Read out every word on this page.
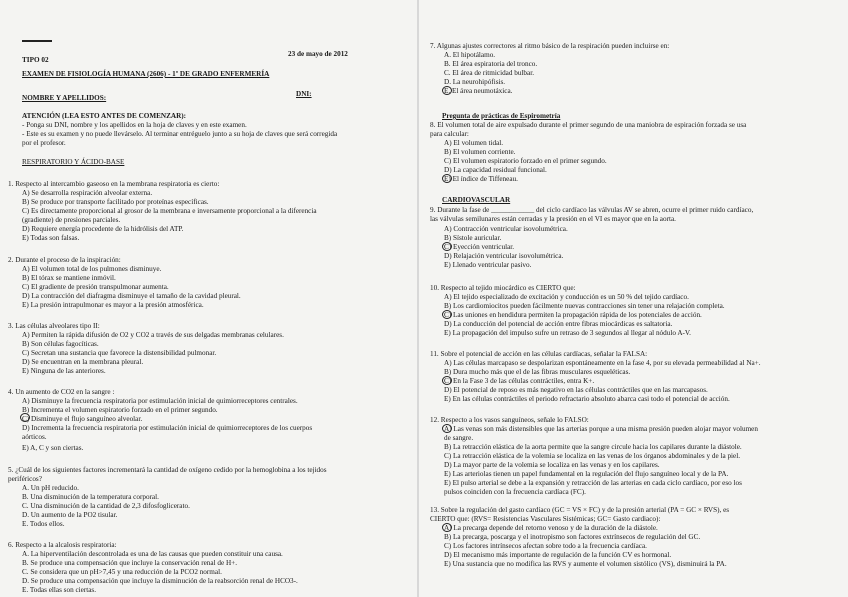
TIPO 02
23 de mayo de 2012
EXAMEN DE FISIOLOGÍA HUMANA (2606) - 1º DE GRADO ENFERMERÍA
NOMBRE Y APELLIDOS:	DNI:
ATENCIÓN (LEA ESTO ANTES DE COMENZAR):
- Ponga su DNI, nombre y los apellidos en la hoja de claves y en este examen.
- Este es su examen y no puede llevárselo. Al terminar entréguelo junto a su hoja de claves que será corregida
por el profesor.
RESPIRATORIO Y ÁCIDO-BASE
1. Respecto al intercambio gaseoso en la membrana respiratoria es cierto:
A) Se desarrolla respiración alveolar externa.
B) Se produce por transporte facilitado por proteínas específicas.
C) Es directamente proporcional al grosor de la membrana e inversamente proporcional a la diferencia
(gradiente) de presiones parciales.
D) Requiere energía procedente de la hidrólisis del ATP.
E) Todas son falsas.
2. Durante el proceso de la inspiración:
A) El volumen total de los pulmones disminuye.
B) El tórax se mantiene inmóvil.
C) El gradiente de presión transpulmonar aumenta.
D) La contracción del diafragma disminuye el tamaño de la cavidad pleural.
E) La presión intrapulmonar es mayor a la presión atmosférica.
3. Las células alveolares tipo II:
A) Permiten la rápida difusión de O2 y CO2 a través de sus delgadas membranas celulares.
B) Son células fagocíticas.
C) Secretan una sustancia que favorece la distensibilidad pulmonar.
D) Se encuentran en la membrana pleural.
E) Ninguna de las anteriores.
4. Un aumento de CO2 en la sangre :
A) Disminuye la frecuencia respiratoria por estimulación inicial de quimiorreceptores centrales.
B) Incrementa el volumen espiratorio forzado en el primer segundo.
C) Disminuye el flujo sanguíneo alveolar.
D) Incrementa la frecuencia respiratoria por estimulación inicial de quimiorreceptores de los cuerpos
aórticos.
E) A, C y son ciertas.
5. ¿Cuál de los siguientes factores incrementará la cantidad de oxígeno cedido por la hemoglobina a los tejidos
periféricos?
A. Un pH reducido.
B. Una disminución de la temperatura corporal.
C. Una disminución de la cantidad de 2,3 difosfoglicerato.
D. Un aumento de la PO2 tisular.
E. Todos ellos.
6. Respecto a la alcalosis respiratoria:
A. La hiperventilación descontrolada es una de las causas que pueden constituir una causa.
B. Se produce una compensación que incluye la conservación renal de H+.
C. Se considera que un pH>7,45 y una reducción de la PCO2 normal.
D. Se produce una compensación que incluye la disminución de la reabsorción renal de HCO3-.
E. Todas ellas son ciertas.
7. Algunas ajustes correctores al ritmo básico de la respiración pueden incluirse en:
A. El hipotálamo.
B. El área espiratoria del tronco.
C. El área de ritmicidad bulbar.
D. La neurohipófisis.
E. El área neumotáxica.
Pregunta de prácticas de Espirometría
8. El volumen total de aire expulsado durante el primer segundo de una maniobra de espiración forzada se usa
para calcular:
A) El volumen tidal.
B) El volumen corriente.
C) El volumen espiratorio forzado en el primer segundo.
D) La capacidad residual funcional.
E) El índice de Tiffeneau.
CARDIOVASCULAR
9. Durante la fase de ____________ del ciclo cardíaco las válvulas AV se abren, ocurre el primer ruido cardíaco,
las válvulas semilunares están cerradas y la presión en el VI es mayor que en la aorta.
A) Contracción ventricular isovolumétrica.
B) Sístole auricular.
C) Eyección ventricular.
D) Relajación ventricular isovolumétrica.
E) Llenado ventricular pasivo.
10. Respecto al tejido miocárdico es CIERTO que:
A) El tejido especializado de excitación y conducción es un 50 % del tejido cardíaco.
B) Los cardiomiocitos pueden fácilmente nuevas contracciones sin tener una relajación completa.
C) Las uniones en hendidura permiten la propagación rápida de los potenciales de acción.
D) La conducción del potencial de acción entre fibras miocárdicas es saltatoria.
E) La propagación del impulso sufre un retraso de 3 segundos al llegar al nódulo A-V.
11. Sobre el potencial de acción en las células cardíacas, señalar la FALSA:
A) Las células marcapaso se despolarizan espontáneamente en la fase 4, por su elevada permeabilidad al Na+.
B) Dura mucho más que el de las fibras musculares esqueléticas.
C) En la Fase 3 de las células contráctiles, entra K+.
D) El potencial de reposo es más negativo en las células contráctiles que en las marcapasos.
E) En las células contráctiles el periodo refractario absoluto abarca casi todo el potencial de acción.
12. Respecto a los vasos sanguíneos, señale lo FALSO:
A) Las venas son más distensibles que las arterias porque a una misma presión pueden alojar mayor volumen
de sangre.
B) La retracción elástica de la aorta permite que la sangre circule hacia los capilares durante la diástole.
C) La retracción elástica de la volemia se localiza en las venas de los órganos abdominales y de la piel.
D) La mayor parte de la volemia se localiza en las venas y en los capilares.
E) Las arteriolas tienen un papel fundamental en la regulación del flujo sanguíneo local y de la PA.
E) El pulso arterial se debe a la expansión y retracción de las arterias en cada ciclo cardíaco, por eso los
pulsos coinciden con la frecuencia cardíaca (FC).
13. Sobre la regulación del gasto cardíaco (GC = VS × FC) y de la presión arterial (PA = GC × RVS), es
CIERTO que: (RVS= Resistencias Vasculares Sistémicas; GC= Gasto cardiaco):
A) La precarga depende del retorno venoso y de la duración de la diástole.
B) La precarga, poscarga y el inotropismo son factores extrínsecos de regulación del GC.
C) Los factores intrínsecos afectan sobre todo a la frecuencia cardíaca.
D) El mecanismo más importante de regulación de la función CV es hormonal.
E) Una sustancia que no modifica las RVS y aumente el volumen sistólico (VS), disminuirá la PA.
